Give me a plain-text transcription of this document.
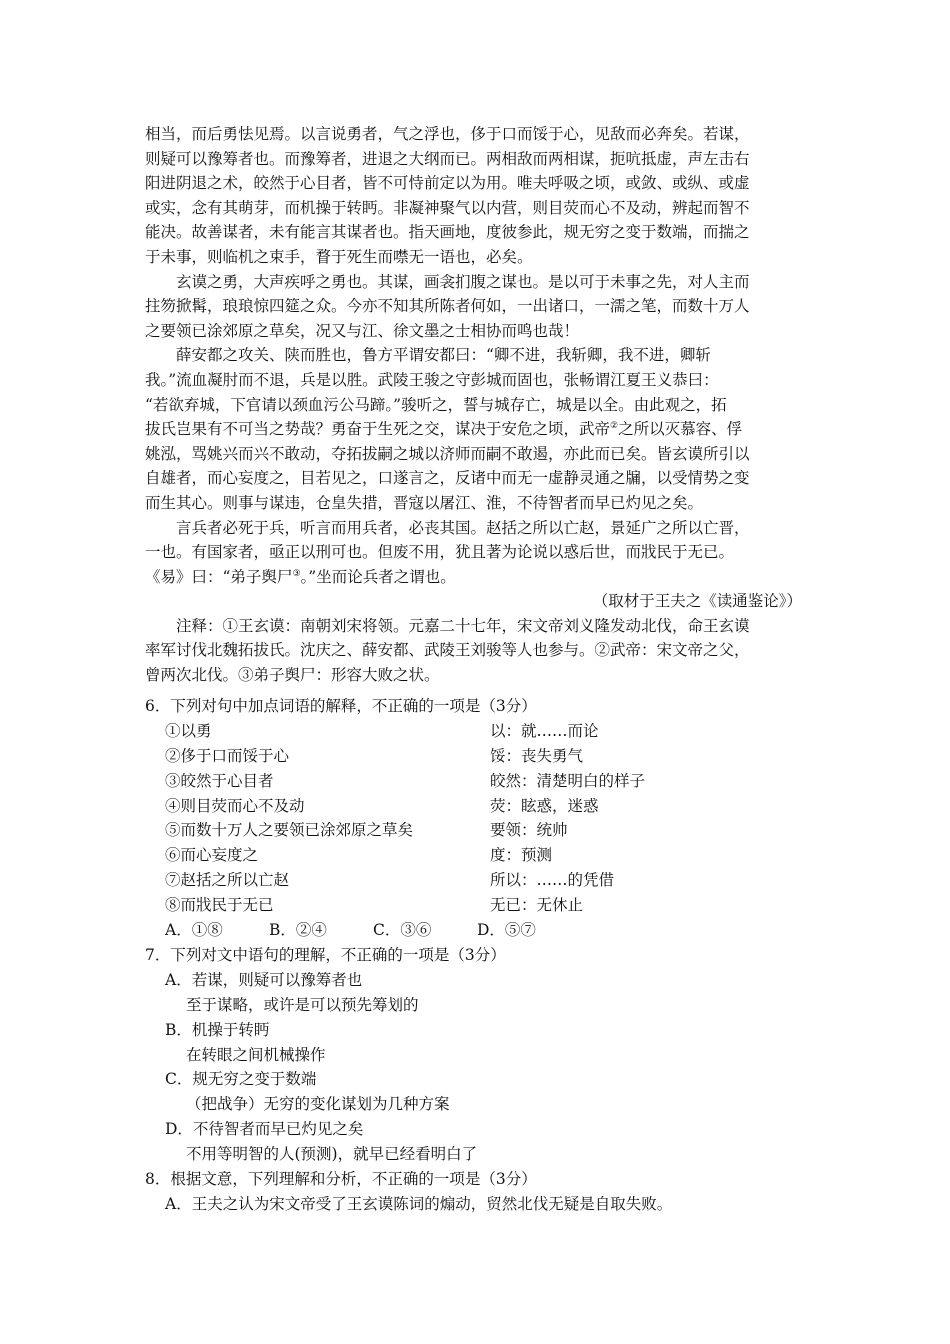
相当，而后勇怯见焉。以言说勇者，气之浮也，侈于口而馁于心，见敌而必奔矣。若谋，
则疑可以豫筹者也。而豫筹者，进退之大纲而已。两相敌而两相谋，扼吭抵虚，声左击右
阳进阴退之术，皎然于心目者，皆不可恃前定以为用。唯夫呼吸之顷，或敛、或纵、或虚
或实，念有其萌芽，而机操于转眄。非凝神聚气以内营，则目荧而心不及动，辨起而智不
能决。故善谋者，未有能言其谋者也。指天画地，度彼参此，规无穷之变于数端，而揣之
于未事，则临机之束手，瞀于死生而噤无一语也，必矣。
玄谟之勇，大声疾呼之勇也。其谋，画衾扪腹之谋也。是以可于未事之先，对人主而
拄笏掀髯，琅琅惊四筵之众。今亦不知其所陈者何如，一出诸口，一濡之笔，而数十万人
之要领已涂郊原之草矣，况又与江、徐文墨之士相协而鸣也哉！
薛安都之攻关、陕而胜也，鲁方平谓安都曰：“卿不进，我斩卿，我不进，卿斩
我。”流血凝肘而不退，兵是以胜。武陵王骏之守彭城而固也，张畅谓江夏王义恭曰：
“若欲弃城，下官请以颈血污公马蹄。”骏听之，誓与城存亡，城是以全。由此观之，拓
拔氏岂果有不可当之势哉？勇奋于生死之交，谋决于安危之顷，武帝②之所以灭慕容、俘
姚泓，骂姚兴而兴不敢动，夺拓拔嗣之城以济师而嗣不敢遏，亦此而已矣。皆玄谟所引以
自雄者，而心妄度之，目若见之，口遂言之，反诸中而无一虚静灵通之牖，以受情势之变
而生其心。则事与谋违，仓皇失措，晋寇以屠江、淮，不待智者而早已灼见之矣。
言兵者必死于兵，听言而用兵者，必丧其国。赵括之所以亡赵，景延广之所以亡晋，
一也。有国家者，亟正以刑可也。但废不用，犹且著为论说以惑后世，而戕民于无已。
《易》曰：“弟子舆尸③。”坐而论兵者之谓也。
（取材于王夫之《读通鉴论》）
注释：①王玄谟：南朝刘宋将领。元嘉二十七年，宋文帝刘义隆发动北伐，命王玄谟
率军讨伐北魏拓拔氏。沈庆之、薛安都、武陵王刘骏等人也参与。②武帝：宋文帝之父，
曾两次北伐。③弟子舆尸：形容大败之状。
6．下列对句中加点词语的解释，不正确的一项是（3分）
①以勇	以：就……而论
②侈于口而馁于心	馁：丧失勇气
③皎然于心目者	皎然：清楚明白的样子
④则目荧而心不及动	荧：眩惑，迷惑
⑤而数十万人之要领已涂郊原之草矣	要领：统帅
⑥而心妄度之	度：预测
⑦赵括之所以亡赵	所以：……的凭借
⑧而戕民于无已	无已：无休止
A．①⑧	B．②④	C．③⑥	D．⑤⑦
7．下列对文中语句的理解，不正确的一项是（3分）
A．若谋，则疑可以豫筹者也
至于谋略，或许是可以预先筹划的
B．机操于转眄
在转眼之间机械操作
C．规无穷之变于数端
（把战争）无穷的变化谋划为几种方案
D．不待智者而早已灼见之矣
不用等明智的人(预测)，就早已经看明白了
8．根据文意，下列理解和分析，不正确的一项是（3分）
A．王夫之认为宋文帝受了王玄谟陈词的煽动，贸然北伐无疑是自取失败。
